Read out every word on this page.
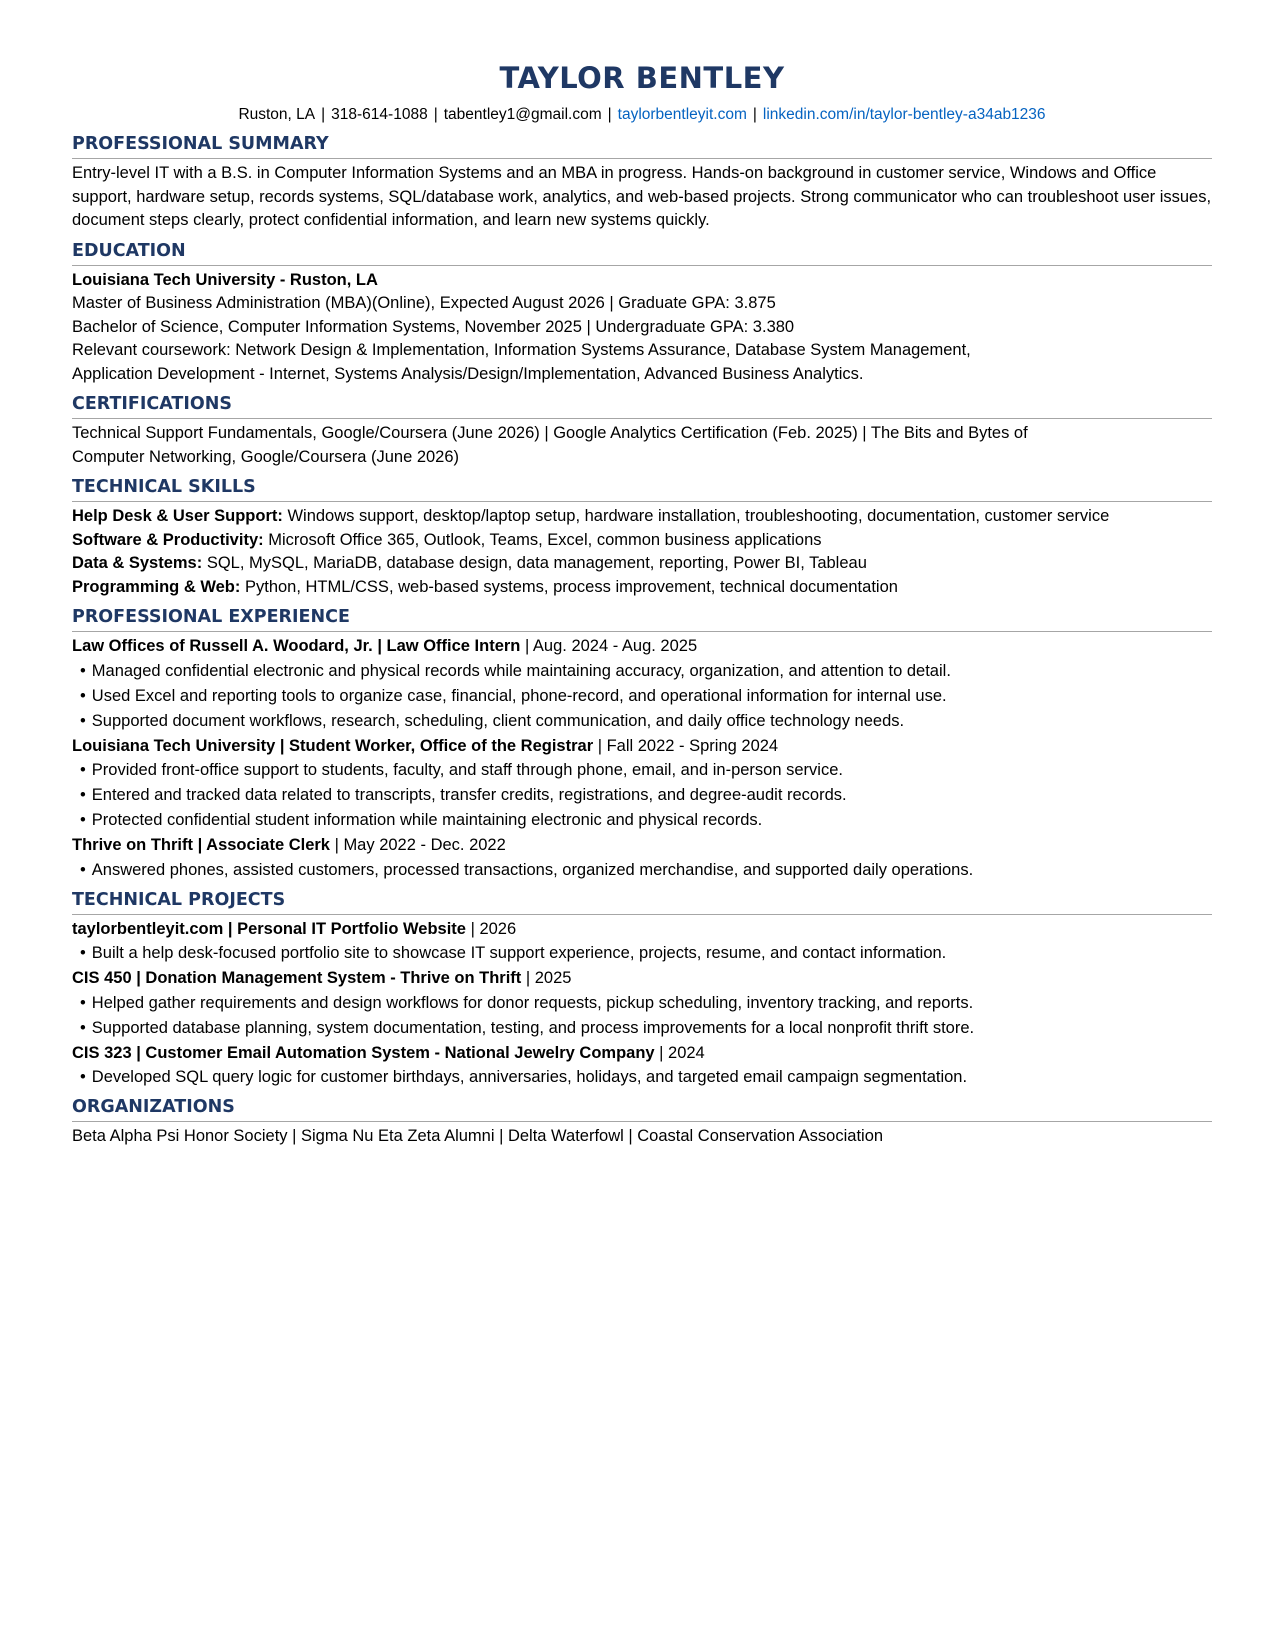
TAYLOR BENTLEY
Ruston, LA | 318-614-1088 | tabentley1@gmail.com | taylorbentleyit.com | linkedin.com/in/taylor-bentley-a34ab1236
PROFESSIONAL SUMMARY

Entry-level IT with a B.S. in Computer Information Systems and an MBA in progress. Hands-on background in customer service, Windows and Office support, hardware setup, records systems, SQL/database work, analytics, and web-based projects. Strong communicator who can troubleshoot user issues, document steps clearly, protect confidential information, and learn new systems quickly.

EDUCATION
Louisiana Tech University - Ruston, LA
Master of Business Administration (MBA)(Online), Expected August 2026 | Graduate GPA: 3.875
Bachelor of Science, Computer Information Systems, November 2025 | Undergraduate GPA: 3.380
Relevant coursework: Network Design & Implementation, Information Systems Assurance, Database System Management,
Application Development - Internet, Systems Analysis/Design/Implementation, Advanced Business Analytics.
CERTIFICATIONS
Technical Support Fundamentals, Google/Coursera (June 2026) | Google Analytics Certification (Feb. 2025) | The Bits and Bytes of
Computer Networking, Google/Coursera (June 2026)
TECHNICAL SKILLS

Help Desk & User Support: Windows support, desktop/laptop setup, hardware installation, troubleshooting, documentation, customer service

Software & Productivity: Microsoft Office 365, Outlook, Teams, Excel, common business applications

Data & Systems: SQL, MySQL, MariaDB, database design, data management, reporting, Power BI, Tableau

Programming & Web: Python, HTML/CSS, web-based systems, process improvement, technical documentation

PROFESSIONAL EXPERIENCE
Law Offices of Russell A. Woodard, Jr. | Law Office Intern | Aug. 2024 - Aug. 2025
• Managed confidential electronic and physical records while maintaining accuracy, organization, and attention to detail.
• Used Excel and reporting tools to organize case, financial, phone-record, and operational information for internal use.
• Supported document workflows, research, scheduling, client communication, and daily office technology needs.
Louisiana Tech University | Student Worker, Office of the Registrar | Fall 2022 - Spring 2024
• Provided front-office support to students, faculty, and staff through phone, email, and in-person service.
• Entered and tracked data related to transcripts, transfer credits, registrations, and degree-audit records.
• Protected confidential student information while maintaining electronic and physical records.
Thrive on Thrift | Associate Clerk | May 2022 - Dec. 2022
• Answered phones, assisted customers, processed transactions, organized merchandise, and supported daily operations.
TECHNICAL PROJECTS
taylorbentleyit.com | Personal IT Portfolio Website | 2026
• Built a help desk-focused portfolio site to showcase IT support experience, projects, resume, and contact information.
CIS 450 | Donation Management System - Thrive on Thrift | 2025
• Helped gather requirements and design workflows for donor requests, pickup scheduling, inventory tracking, and reports.
• Supported database planning, system documentation, testing, and process improvements for a local nonprofit thrift store.
CIS 323 | Customer Email Automation System - National Jewelry Company | 2024
• Developed SQL query logic for customer birthdays, anniversaries, holidays, and targeted email campaign segmentation.
ORGANIZATIONS
Beta Alpha Psi Honor Society | Sigma Nu Eta Zeta Alumni | Delta Waterfowl | Coastal Conservation Association
